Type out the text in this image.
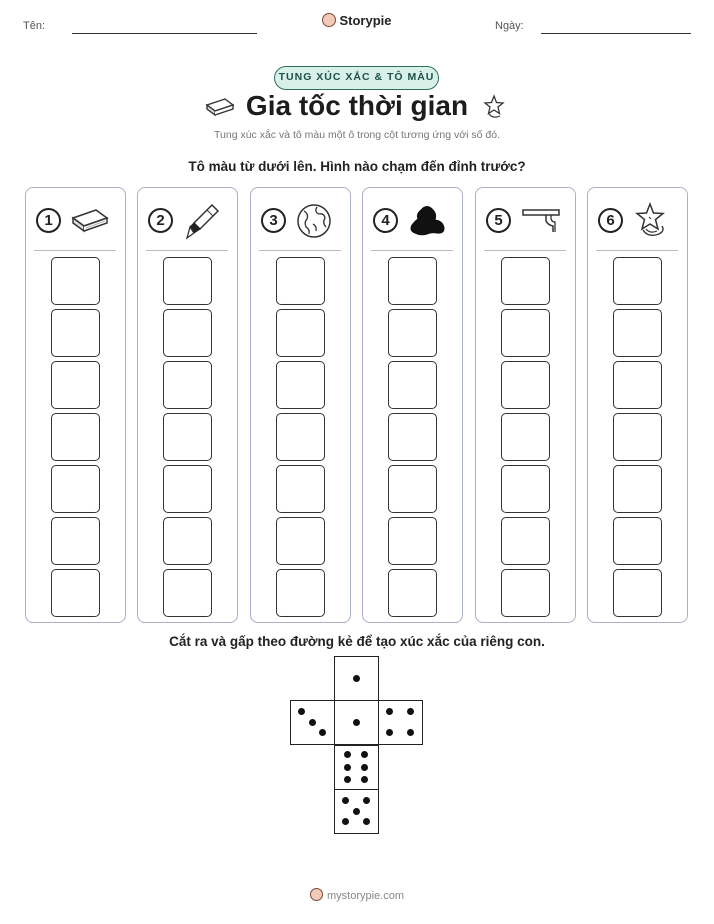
Tên:	Storypie	Ngày:
TUNG XÚC XẮC & TÔ MÀU
Gia tốc thời gian
Tung xúc xắc và tô màu một ô trong cột tương ứng với số đó.
Tô màu từ dưới lên. Hình nào chạm đến đỉnh trước?
1	2	3	4	5	6
Cắt ra và gấp theo đường kẻ để tạo xúc xắc của riêng con.
mystorypie.com
